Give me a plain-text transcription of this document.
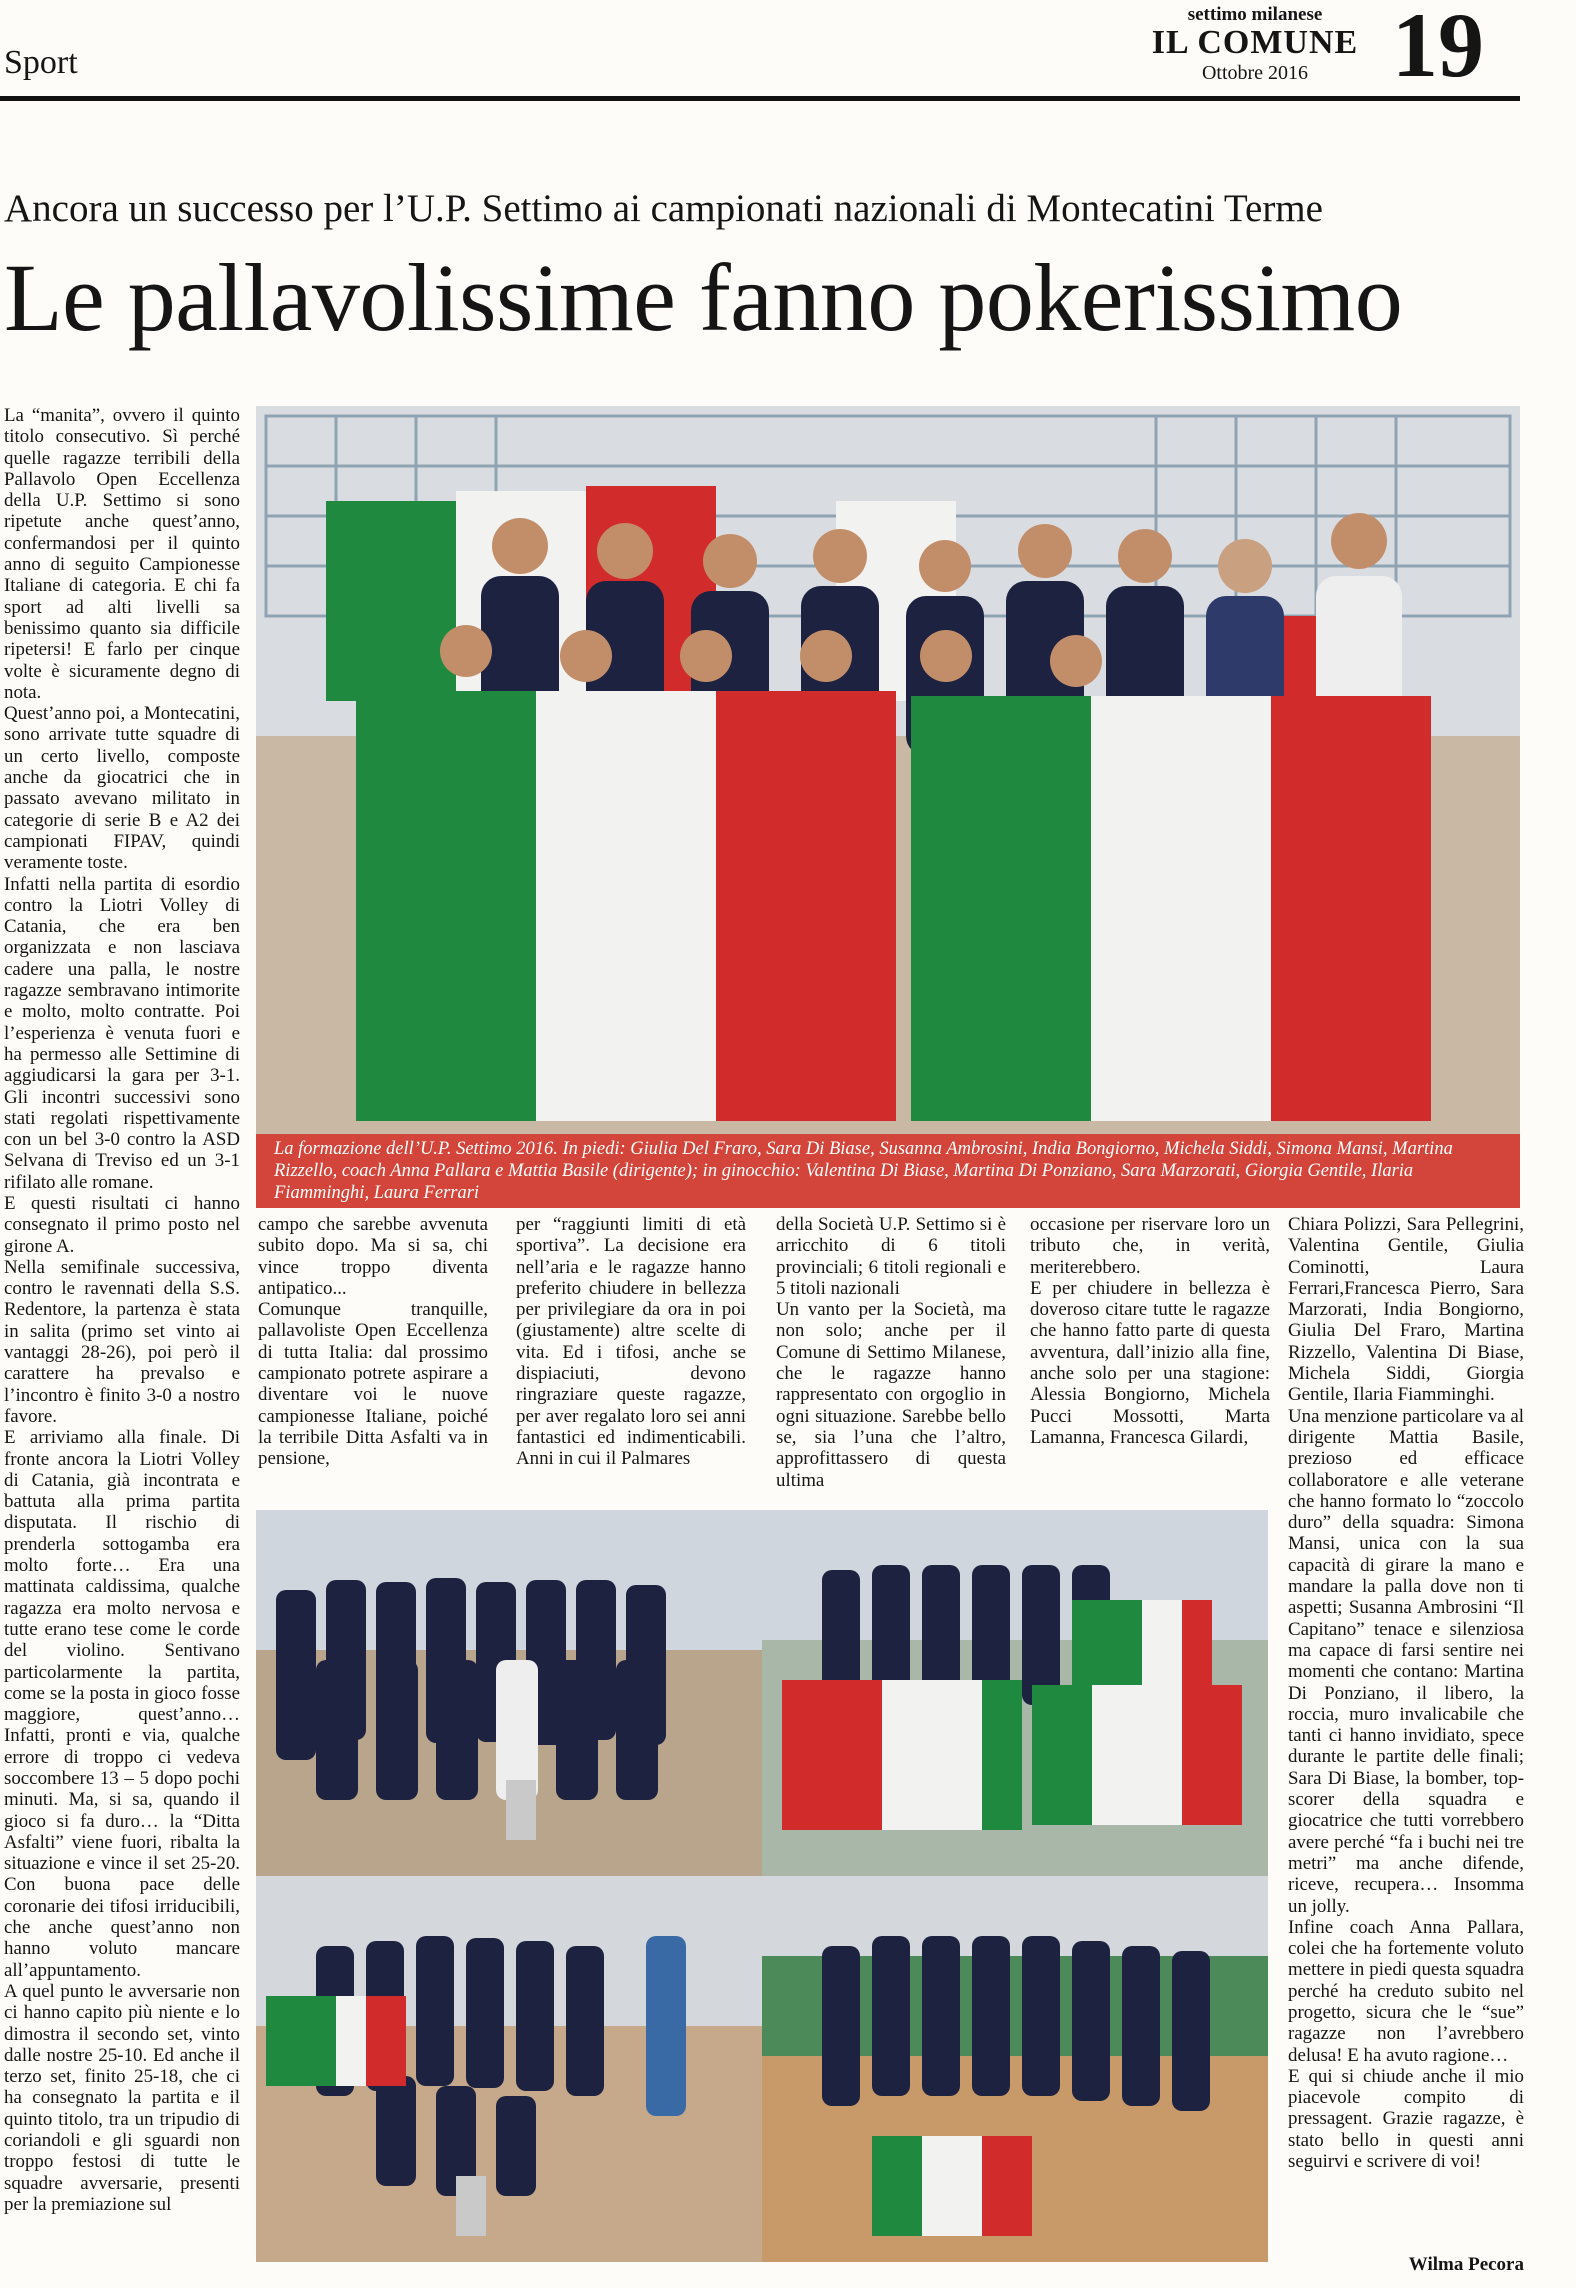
Sport
settimo milanese
IL COMUNE
Ottobre 2016 19
Ancora un successo per l’U.P. Settimo ai campionati nazionali di Montecatini Terme
Le pallavolissime fanno pokerissimo

La “manita”, ovvero il quinto titolo consecutivo. Sì perché quelle ragazze terribili della Pallavolo Open Eccellenza della U.P. Settimo si sono ripetute anche quest’anno, confermandosi per il quinto anno di seguito Campionesse Italiane di categoria. E chi fa sport ad alti livelli sa benissimo quanto sia difficile ripetersi! E farlo per cinque volte è sicuramente degno di nota.

Quest’anno poi, a Montecatini, sono arrivate tutte squadre di un certo livello, composte anche da giocatrici che in passato avevano militato in categorie di serie B e A2 dei campionati FIPAV, quindi veramente toste.

Infatti nella partita di esordio contro la Liotri Volley di Catania, che era ben organizzata e non lasciava cadere una palla, le nostre ragazze sembravano intimorite e molto, molto contratte. Poi l’esperienza è venuta fuori e ha permesso alle Settimine di aggiudicarsi la gara per 3-1. Gli incontri successivi sono stati regolati rispettivamente con un bel 3-0 contro la ASD Selvana di Treviso ed un 3-1 rifilato alle romane.

E questi risultati ci hanno consegnato il primo posto nel girone A.

Nella semifinale successiva, contro le ravennati della S.S. Redentore, la partenza è stata in salita (primo set vinto ai vantaggi 28-26), poi però il carattere ha prevalso e l’incontro è finito 3-0 a nostro favore.

E arriviamo alla finale. Di fronte ancora la Liotri Volley di Catania, già incontrata e battuta alla prima partita disputata. Il rischio di prenderla sottogamba era molto forte… Era una mattinata caldissima, qualche ragazza era molto nervosa e tutte erano tese come le corde del violino. Sentivano particolarmente la partita, come se la posta in gioco fosse maggiore, quest’anno… Infatti, pronti e via, qualche errore di troppo ci vedeva soccombere 13 – 5 dopo pochi minuti. Ma, si sa, quando il gioco si fa duro… la “Ditta Asfalti” viene fuori, ribalta la situazione e vince il set 25-20. Con buona pace delle coronarie dei tifosi irriducibili, che anche quest’anno non hanno voluto mancare all’appuntamento.

A quel punto le avversarie non ci hanno capito più niente e lo dimostra il secondo set, vinto dalle nostre 25-10. Ed anche il terzo set, finito 25-18, che ci ha consegnato la partita e il quinto titolo, tra un tripudio di coriandoli e gli sguardi non troppo festosi di tutte le squadre avversarie, presenti per la premiazione sul

La formazione dell’U.P. Settimo 2016. In piedi: Giulia Del Fraro, Sara Di Biase, Susanna Ambrosini, India Bongiorno, Michela Siddi, Simona Mansi, Martina Rizzello, coach Anna Pallara e Mattia Basile (dirigente); in ginocchio: Valentina Di Biase, Martina Di Ponziano, Sara Marzorati, Giorgia Gentile, Ilaria Fiamminghi, Laura Ferrari

campo che sarebbe avvenuta subito dopo. Ma si sa, chi vince troppo diventa antipatico...

Comunque tranquille, pallavoliste Open Eccellenza di tutta Italia: dal prossimo campionato potrete aspirare a diventare voi le nuove campionesse Italiane, poiché la terribile Ditta Asfalti va in pensione,

per “raggiunti limiti di età sportiva”. La decisione era nell’aria e le ragazze hanno preferito chiudere in bellezza per privilegiare da ora in poi (giustamente) altre scelte di vita. Ed i tifosi, anche se dispiaciuti, devono ringraziare queste ragazze, per aver regalato loro sei anni fantastici ed indimenticabili. Anni in cui il Palmares

della Società U.P. Settimo si è arricchito di 6 titoli provinciali; 6 titoli regionali e 5 titoli nazionali

Un vanto per la Società, ma non solo; anche per il Comune di Settimo Milanese, che le ragazze hanno rappresentato con orgoglio in ogni situazione. Sarebbe bello se, sia l’una che l’altro, approfittassero di questa ultima

occasione per riservare loro un tributo che, in verità, meriterebbero.

E per chiudere in bellezza è doveroso citare tutte le ragazze che hanno fatto parte di questa avventura, dall’inizio alla fine, anche solo per una stagione: Alessia Bongiorno, Michela Pucci Mossotti, Marta Lamanna, Francesca Gilardi,

Chiara Polizzi, Sara Pellegrini, Valentina Gentile, Giulia Cominotti, Laura Ferrari,Francesca Pierro, Sara Marzorati, India Bongiorno, Giulia Del Fraro, Martina Rizzello, Valentina Di Biase, Michela Siddi, Giorgia Gentile, Ilaria Fiamminghi.

Una menzione particolare va al dirigente Mattia Basile, prezioso ed efficace collaboratore e alle veterane che hanno formato lo “zoccolo duro” della squadra: Simona Mansi, unica con la sua capacità di girare la mano e mandare la palla dove non ti aspetti; Susanna Ambrosini “Il Capitano” tenace e silenziosa ma capace di farsi sentire nei momenti che contano: Martina Di Ponziano, il libero, la roccia, muro invalicabile che tanti ci hanno invidiato, spece durante le partite delle finali; Sara Di Biase, la bomber, top-scorer della squadra e giocatrice che tutti vorrebbero avere perché “fa i buchi nei tre metri” ma anche difende, riceve, recupera… Insomma un jolly.

Infine coach Anna Pallara, colei che ha fortemente voluto mettere in piedi questa squadra perché ha creduto subito nel progetto, sicura che le “sue” ragazze non l’avrebbero delusa! E ha avuto ragione…

E qui si chiude anche il mio piacevole compito di pressagent. Grazie ragazze, è stato bello in questi anni seguirvi e scrivere di voi!

Wilma Pecora
